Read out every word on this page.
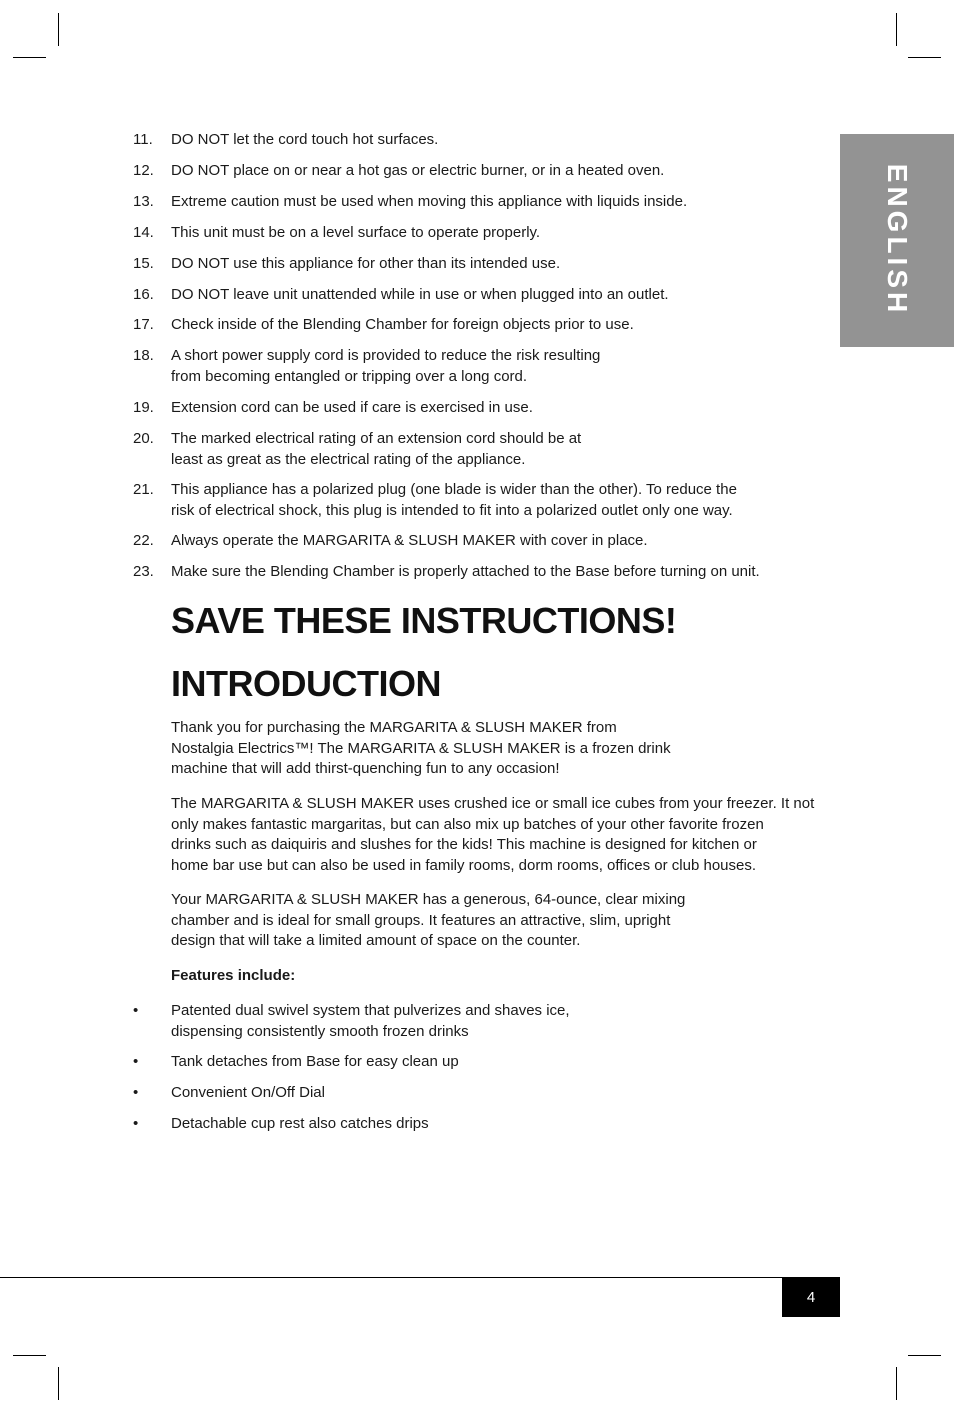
ENGLISH
11.	DO NOT let the cord touch hot surfaces.
12.	DO NOT place on or near a hot gas or electric burner, or in a heated oven.
13.	Extreme caution must be used when moving this appliance with liquids inside.
14.	This unit must be on a level surface to operate properly.
15.	DO NOT use this appliance for other than its intended use.
16.	DO NOT leave unit unattended while in use or when plugged into an outlet.
17.	Check inside of the Blending Chamber for foreign objects prior to use.
18.	A short power supply cord is provided to reduce the risk resulting
from becoming entangled or tripping over a long cord.
19.	Extension cord can be used if care is exercised in use.
20.	The marked electrical rating of an extension cord should be at
least as great as the electrical rating of the appliance.
21.	This appliance has a polarized plug (one blade is wider than the other). To reduce the
risk of electrical shock, this plug is intended to fit into a polarized outlet only one way.
22.	Always operate the MARGARITA & SLUSH MAKER with cover in place.
23.	Make sure the Blending Chamber is properly attached to the Base before turning on unit.
SAVE THESE INSTRUCTIONS!
INTRODUCTION
Thank you for purchasing the MARGARITA & SLUSH MAKER from
Nostalgia Electrics™! The MARGARITA & SLUSH MAKER is a frozen drink
machine that will add thirst-quenching fun to any occasion!
The MARGARITA & SLUSH MAKER uses crushed ice or small ice cubes from your freezer. It not
only makes fantastic margaritas, but can also mix up batches of your other favorite frozen
drinks such as daiquiris and slushes for the kids! This machine is designed for kitchen or
home bar use but can also be used in family rooms, dorm rooms, offices or club houses.
Your MARGARITA & SLUSH MAKER has a generous, 64-ounce, clear mixing
chamber and is ideal for small groups. It features an attractive, slim, upright
design that will take a limited amount of space on the counter.
Features include:
• Patented dual swivel system that pulverizes and shaves ice,
dispensing consistently smooth frozen drinks
• Tank detaches from Base for easy clean up
• Convenient On/Off Dial
• Detachable cup rest also catches drips
4
